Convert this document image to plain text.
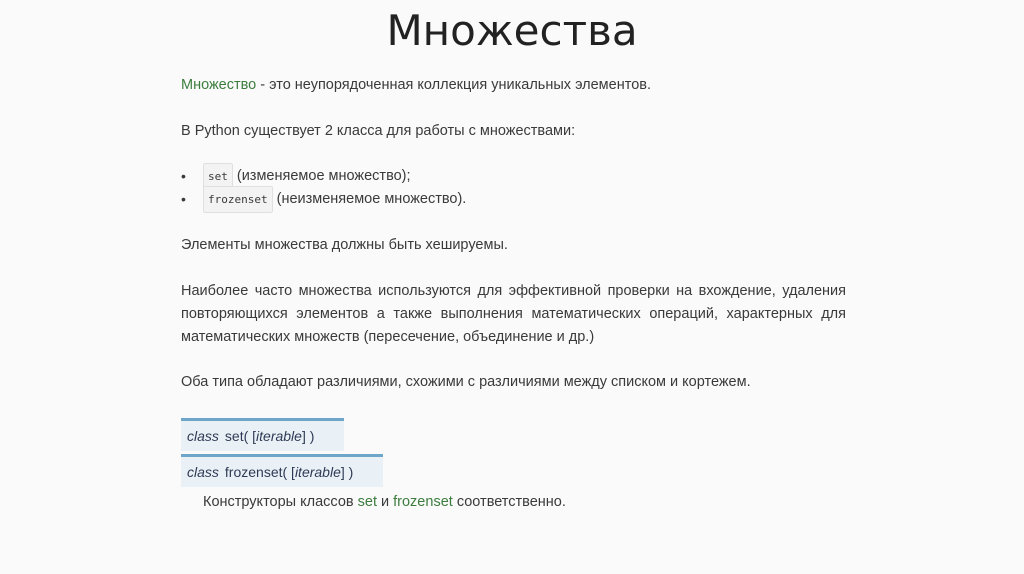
Множества

Множество - это неупорядоченная коллекция уникальных элементов.

В Python существует 2 класса для работы с множествами:

•	set (изменяемое множество);
•	frozenset (неизменяемое множество).

Элементы множества должны быть хешируемы.

Наиболее часто множества используются для эффективной проверки на вхождение, удаления повторяющихся элементов а также выполнения математических операций, характерных для математических множеств (пересечение, объединение и др.)

Оба типа обладают различиями, схожими с различиями между списком и кортежем.

class set( [ iterable ] )
class frozenset( [ iterable ] )

Конструкторы классов set и frozenset соответственно.
